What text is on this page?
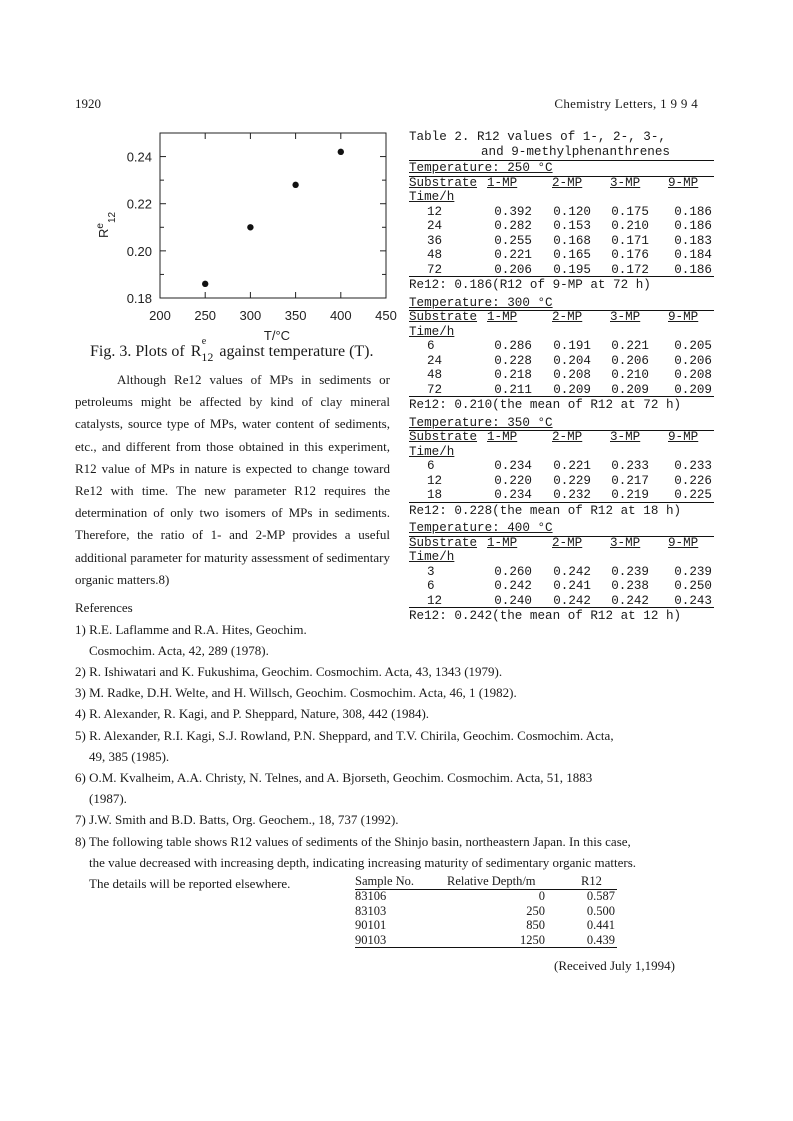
1920	Chemistry Letters, 1 9 9 4
0.24
0.22
0.20
0.18
200 250 300 350 400 450
$R^e_{12}$
T/°C
Fig. 3. Plots of R
e
$_{12}$ against temperature (T).
Although Re12 values of MPs in sediments or petroleums might be affected by kind of clay mineral catalysts, source type of MPs, water content of sediments, etc., and different from those obtained in this experiment, R12 value of MPs in nature is expected to change toward Re12 with time. The new parameter R12 requires the determination of only two isomers of MPs in sediments. Therefore, the ratio of 1- and 2-MP provides a useful additional parameter for maturity assessment of sedimentary organic matters.8)
Table 2. R12 values of 1-, 2-, 3-,
and 9-methylphenanthrenes
Temperature: 250 °C
Substrate 1-MP	2-MP 3-MP 9-MP
Time/h
12	0.392 0.120 0.175 0.186
24	0.282 0.153 0.210 0.186
36	0.255 0.168 0.171 0.183
48	0.221 0.165 0.176 0.184
72	0.206 0.195 0.172 0.186
Re12: 0.186(R12 of 9-MP at 72 h)
Temperature: 300 °C
Substrate 1-MP	2-MP 3-MP 9-MP
Time/h
6	0.286 0.191 0.221 0.205
24	0.228 0.204 0.206 0.206
48	0.218 0.208 0.210 0.208
72	0.211 0.209 0.209 0.209
Re12: 0.210(the mean of R12 at 72 h)
Temperature: 350 °C
Substrate 1-MP	2-MP 3-MP 9-MP
Time/h
6	0.234 0.221 0.233 0.233
12	0.220 0.229 0.217 0.226
18	0.234 0.232 0.219 0.225
Re12: 0.228(the mean of R12 at 18 h)
Temperature: 400 °C
Substrate 1-MP	2-MP 3-MP 9-MP
Time/h
3	0.260 0.242 0.239 0.239
6	0.242 0.241 0.238 0.250
12	0.240 0.242 0.242 0.243
Re12: 0.242(the mean of R12 at 12 h)
References
1) R.E. Laflamme and R.A. Hites, Geochim.
Cosmochim. Acta, 42, 289 (1978).
2) R. Ishiwatari and K. Fukushima, Geochim. Cosmochim. Acta, 43, 1343 (1979).
3) M. Radke, D.H. Welte, and H. Willsch, Geochim. Cosmochim. Acta, 46, 1 (1982).
4) R. Alexander, R. Kagi, and P. Sheppard, Nature, 308, 442 (1984).
5) R. Alexander, R.I. Kagi, S.J. Rowland, P.N. Sheppard, and T.V. Chirila, Geochim. Cosmochim. Acta,
49, 385 (1985).
6) O.M. Kvalheim, A.A. Christy, N. Telnes, and A. Bjorseth, Geochim. Cosmochim. Acta, 51, 1883
(1987).
7) J.W. Smith and B.D. Batts, Org. Geochem., 18, 737 (1992).
8) The following table shows R12 values of sediments of the Shinjo basin, northeastern Japan. In this case,
the value decreased with increasing depth, indicating increasing maturity of sedimentary organic matters.
The details will be reported elsewhere.	Sample No.	Relative Depth/m	R12
83106	0	0.587
83103	250	0.500
90101	850	0.441
90103	1250	0.439
(Received July 1,1994)
